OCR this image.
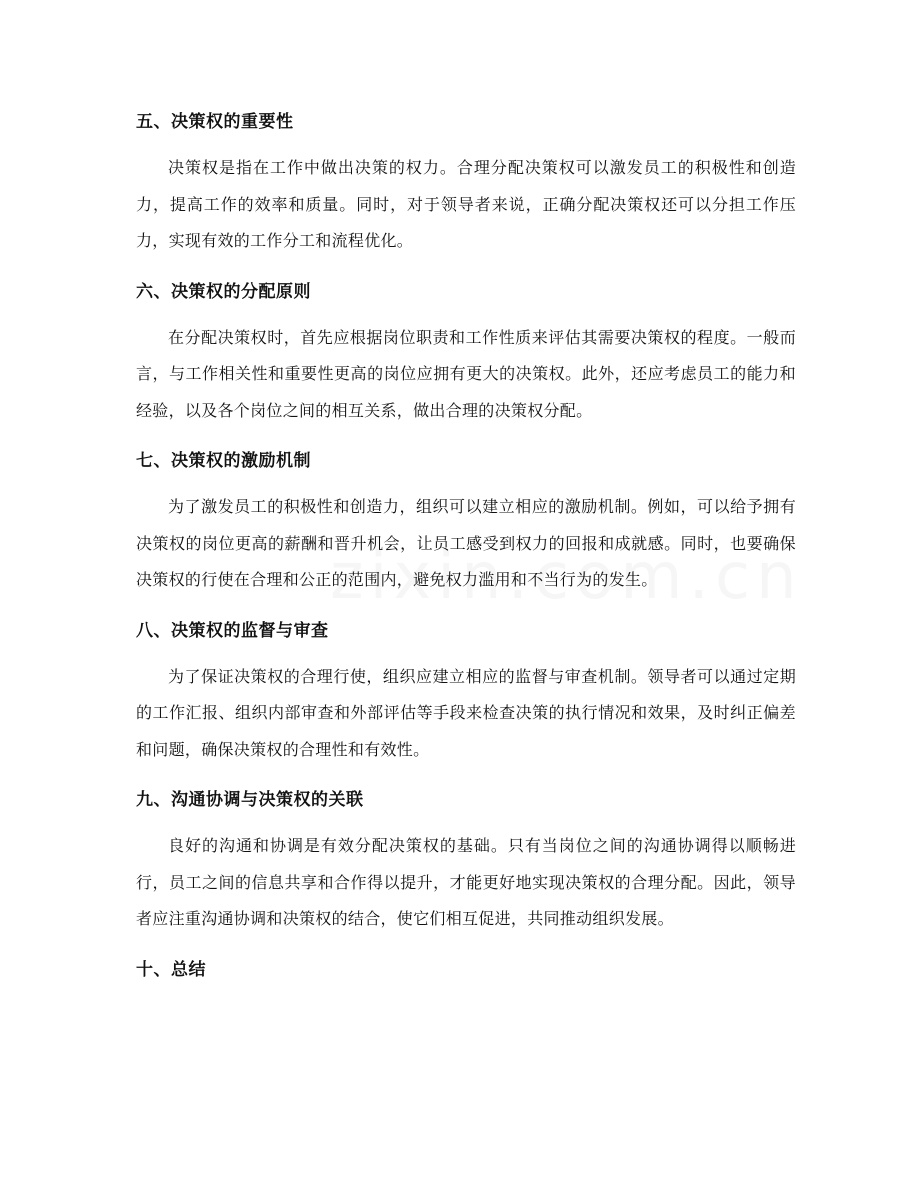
五、决策权的重要性
决策权是指在工作中做出决策的权力。合理分配决策权可以激发员工的积极性和创造力，提高工作的效率和质量。同时，对于领导者来说，正确分配决策权还可以分担工作压力，实现有效的工作分工和流程优化。
六、决策权的分配原则
在分配决策权时，首先应根据岗位职责和工作性质来评估其需要决策权的程度。一般而言，与工作相关性和重要性更高的岗位应拥有更大的决策权。此外，还应考虑员工的能力和经验，以及各个岗位之间的相互关系，做出合理的决策权分配。
七、决策权的激励机制
为了激发员工的积极性和创造力，组织可以建立相应的激励机制。例如，可以给予拥有决策权的岗位更高的薪酬和晋升机会，让员工感受到权力的回报和成就感。同时，也要确保决策权的行使在合理和公正的范围内，避免权力滥用和不当行为的发生。
八、决策权的监督与审查
为了保证决策权的合理行使，组织应建立相应的监督与审查机制。领导者可以通过定期的工作汇报、组织内部审查和外部评估等手段来检查决策的执行情况和效果，及时纠正偏差和问题，确保决策权的合理性和有效性。
九、沟通协调与决策权的关联
良好的沟通和协调是有效分配决策权的基础。只有当岗位之间的沟通协调得以顺畅进行，员工之间的信息共享和合作得以提升，才能更好地实现决策权的合理分配。因此，领导者应注重沟通协调和决策权的结合，使它们相互促进，共同推动组织发展。
十、总结
